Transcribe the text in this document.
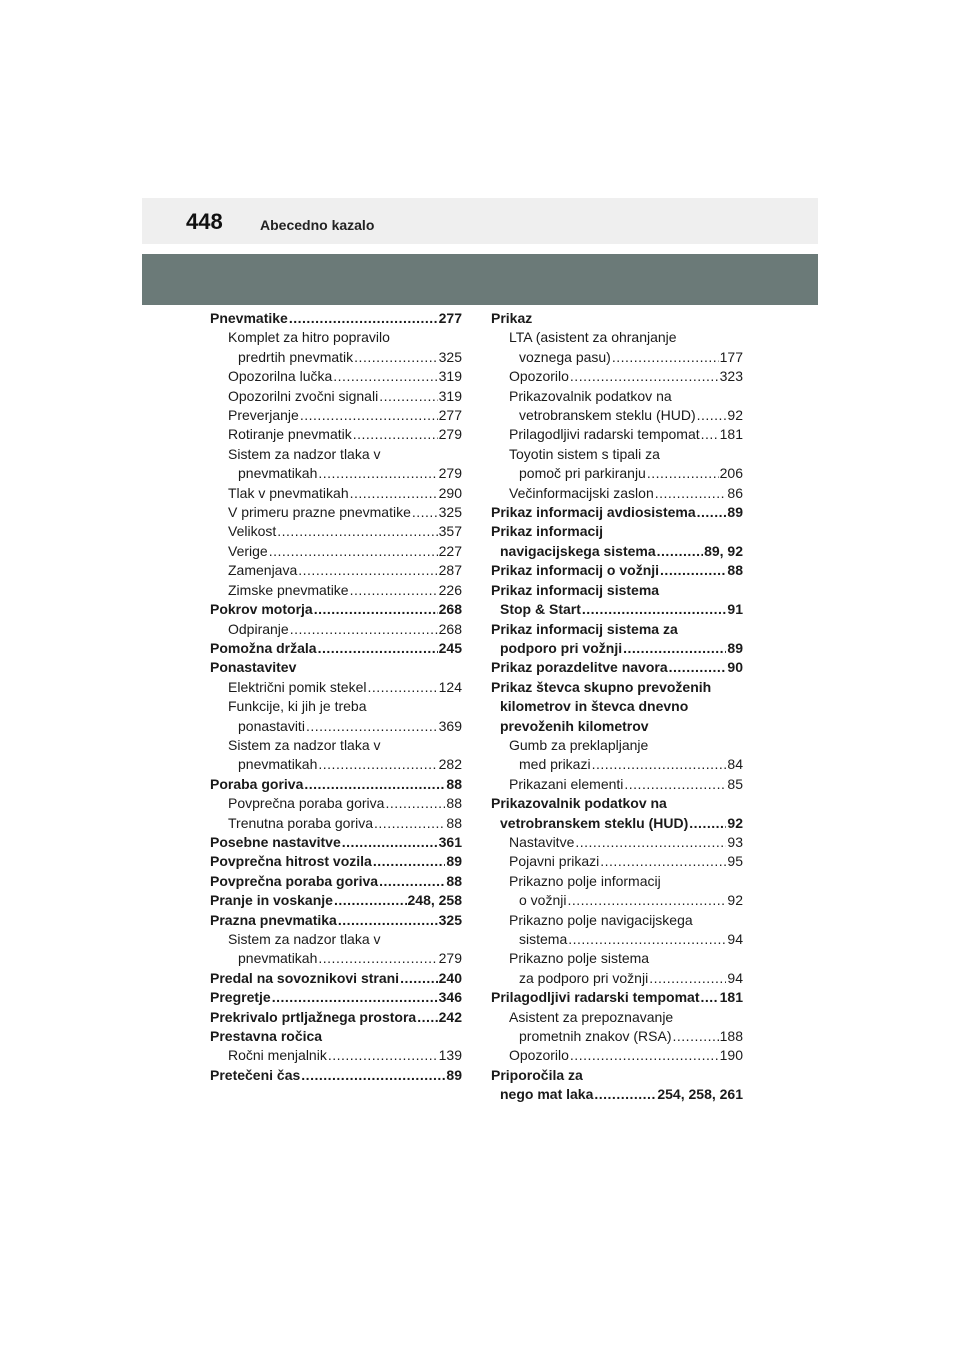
448	Abecedno kazalo
Pnevmatike .....	277
Komplet za hitro popravilo
predrtih pnevmatik .....	325
Opozorilna lučka .....	319
Opozorilni zvočni signali .....	319
Preverjanje .....	277
Rotiranje pnevmatik .....	279
Sistem za nadzor tlaka v
pnevmatikah .....	279
Tlak v pnevmatikah .....	290
V primeru prazne pnevmatike ..... 325
Velikost .....	357
Verige .....	227
Zamenjava .....	287
Zimske pnevmatike .....	226
Pokrov motorja .....	268
Odpiranje .....	268
Pomožna držala .....	245
Ponastavitev
Električni pomik stekel .....	124
Funkcije, ki jih je treba
ponastaviti .....	369
Sistem za nadzor tlaka v
pnevmatikah .....	282
Poraba goriva .....	88
Povprečna poraba goriva .....	88
Trenutna poraba goriva .....	88
Posebne nastavitve .....	361
Povprečna hitrost vozila .....	89
Povprečna poraba goriva .....	88
Pranje in voskanje .....	248, 258
Prazna pnevmatika .....	325
Sistem za nadzor tlaka v
pnevmatikah .....	279
Predal na sovoznikovi strani .....	240
Pregretje .....	346
Prekrivalo prtljažnega prostora ..... 242
Prestavna ročica
Ročni menjalnik .....	139
Pretečeni čas .....	89
Prikaz
LTA (asistent za ohranjanje
voznega pasu) .....	177
Opozorilo .....	323
Prikazovalnik podatkov na
vetrobranskem steklu (HUD) ..... 92
Prilagodljivi radarski tempomat ..... 181
Toyotin sistem s tipali za
pomoč pri parkiranju .....	206
Večinformacijski zaslon .....	86
Prikaz informacij avdiosistema ..... 89
Prikaz informacij
navigacijskega sistema .....	89, 92
Prikaz informacij o vožnji .....	88
Prikaz informacij sistema
Stop & Start .....	91
Prikaz informacij sistema za
podporo pri vožnji .....	89
Prikaz porazdelitve navora .....	90
Prikaz števca skupno prevoženih
kilometrov in števca dnevno
prevoženih kilometrov
Gumb za preklapljanje
med prikazi .....	84
Prikazani elementi .....	85
Prikazovalnik podatkov na
vetrobranskem steklu (HUD) .....	92
Nastavitve .....	93
Pojavni prikazi .....	95
Prikazno polje informacij
o vožnji .....	92
Prikazno polje navigacijskega
sistema .....	94
Prikazno polje sistema
za podporo pri vožnji .....	94
Prilagodljivi radarski tempomat ..... 181
Asistent za prepoznavanje
prometnih znakov (RSA) .....	188
Opozorilo .....	190
Priporočila za
nego mat laka .....	254, 258, 261
